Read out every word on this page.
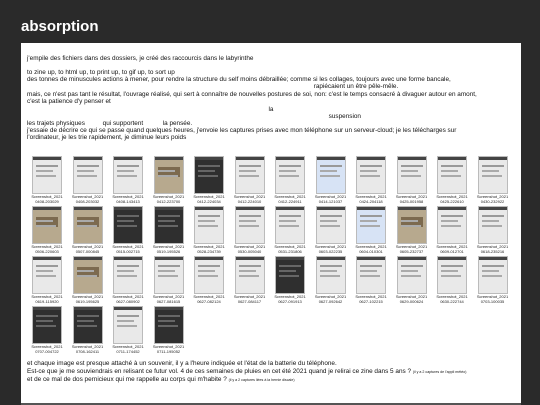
absorption
j'empile des fichiers dans des dossiers, je créé des raccourcis dans le labyrinthe
to zine up, to html up, to print up, to gif up, to sort up
des tonnes de minuscules actions à mener, pour rendre la structure du self moins débraillée; comme si les collages, toujours avec une forme bancale,
rapiécaient un être pêle-mêle.
mais, ce n'est pas tant le résultat, l'ouvrage réalisé, qui sert à connaître de nouvelles postures de soi, non: c'est le temps consacré à divaguer autour en amont,
c'est la patience d'y penser et
la
suspension
les trajets physiques          qui supportent           la pensée.
j'essaie de décrire ce qui se passe quand quelques heures, j'envoie les captures prises avec mon téléphone sur un serveur-cloud; je les télécharges sur
l'ordinateur, je les trie rapidement, je diminue leurs poids
Screenshot_2021
0408-203029
Screenshot_2021
0408-203032
Screenshot_2021
0408-143413
Screenshot_2021
0412-223700
Screenshot_2021
0412-224034
Screenshot_2021
0412-224010
Screenshot_2021
0412-224911
Screenshot_2021
0414-121037
Screenshot_2021
0424-204118
Screenshot_2021
0425-001958
Screenshot_2021
0425-222610
Screenshot_2021
0430-232922
Screenshot_2021
0506-220603
Screenshot_2021
0507-000845
Screenshot_2021
0515-002715
Screenshot_2021
0519-195526
Screenshot_2021
0528-234739
Screenshot_2021
0530-005040
Screenshot_2021
0531-231806
Screenshot_2021
0603-022235
Screenshot_2021
0604-010301
Screenshot_2021
0605-232737
Screenshot_2021
0609-012701
Screenshot_2021
0618-235216
Screenshot_2021
0619-115920
Screenshot_2021
0619-195625
Screenshot_2021
0627-080902
Screenshot_2021
0627-081615
Screenshot_2021
0627-082124
Screenshot_2021
0627-084117
Screenshot_2021
0627-091913
Screenshot_2021
0627-092642
Screenshot_2021
0627-102215
Screenshot_2021
0629-000624
Screenshot_2021
0630-222744
Screenshot_2021
0703-100035
Screenshot_2021
0707-004722
Screenshot_2021
0708-162411
Screenshot_2021
0711-174452
Screenshot_2021
0711-195052
et chaque image est presque attaché à un souvenir, il y a l'heure indiquée et l'état de la batterie du téléphone.
Est-ce que je me souviendrais en relisant ce futur vol. 4 de ces semaines de pluies en cet été 2021 quand je relirai ce zine dans 5 ans ? (il y a 2 captures de l'appli météo)
et de ce mal de dos pernicieux qui me rappelle au corps qui m'habite ? (il y a 2 captures liées à la hernie discale)
